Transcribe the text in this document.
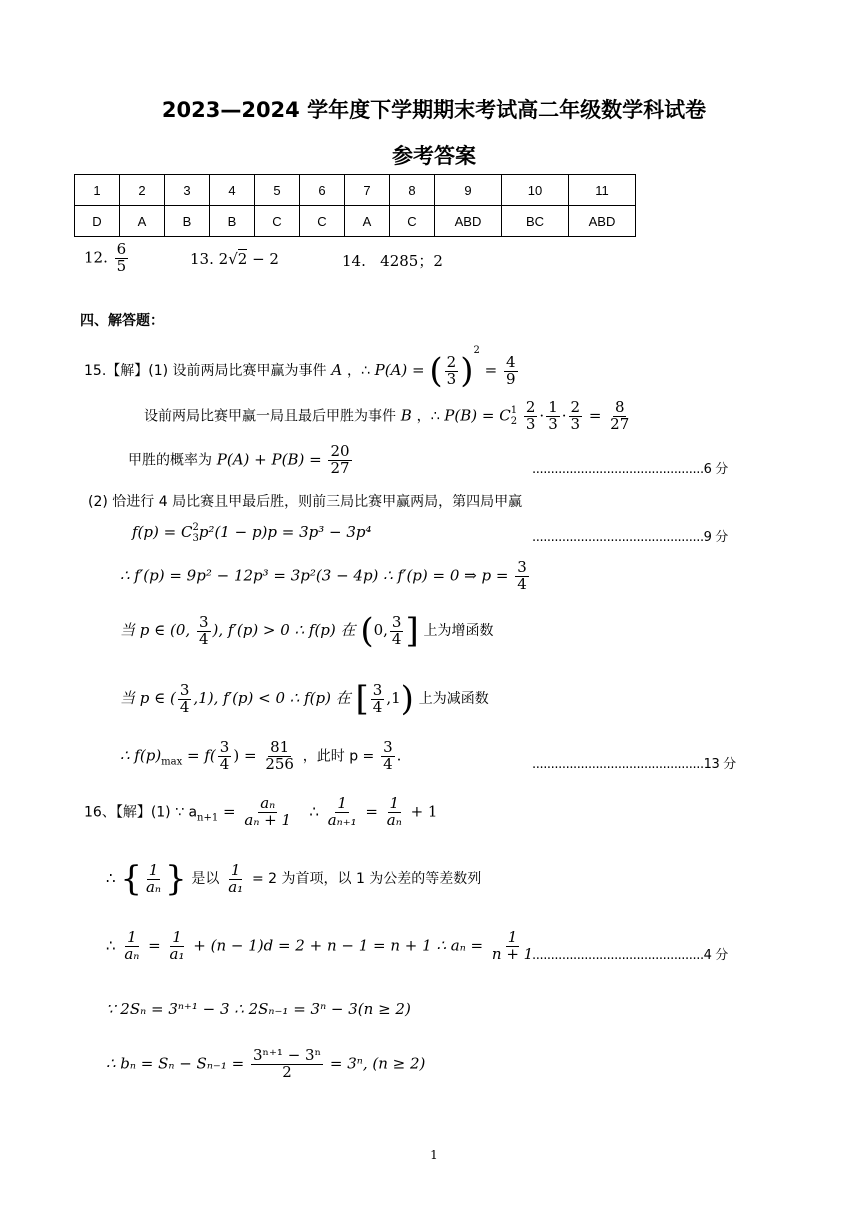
2023—2024 学年度下学期期末考试高二年级数学科试卷
参考答案
1	2	3	4	5	6	7	8	9	10	11
D	A	B	B	C	C	A	C	ABD	BC	ABD
12. $\frac{6}{5}$	13. 2√2 − 2	14. 4285；2
四、解答题：
15.【解】(1) 设前两局比赛甲赢为事件 A ，∴ P(A) = ( $\frac{2}{3} )^2 = \frac{4}{9}$
设前两局比赛甲赢一局且最后甲胜为事件 B ，∴ P(B) = C 1
2
$\frac{2}{3} \cdot \frac{1}{3} \cdot \frac{2}{3} = \frac{8}{27}$
甲胜的概率为 $P(A) + P(B) = \frac{20}{27}$	..............................................6 分
(2) 恰进行 4 局比赛且甲最后胜，则前三局比赛甲赢两局，第四局甲赢
f(p) = C 2
3 p²(1 − p)p = 3p³ − 3p⁴	..............................................9 分
∴ f′(p) = 9p² − 12p³ = 3p²(3 − 4p) ∴ f′(p) = 0 ⇒ $p = \frac{3}{4}$
当 p ∈ (0, $\frac{3}{4}$ ), f′(p) > 0 ∴ f(p) 在 (0, $\frac{3}{4}$ ] 上为增函数
当 p ∈ ( $\frac{3}{4} ,1$), f′(p) < 0 ∴ f(p) 在 [ $\frac{3}{4} ,1$) 上为减函数
∴ $f(p)_{max} = f( \frac{3}{4}$ ) = $\frac{81}{256}$ ，此时 $p = \frac{3}{4}$ .
..............................................13 分
16、【解】(1) ∵ $a_{n+1} = \frac{\text{aₙ}}{\text{aₙ + 1}}$ ∴ $\frac{1}{\text{aₙ₊₁}} = \frac{1}{\text{aₙ}} + 1$
∴ { $\frac{1}{\text{aₙ}}$ } 是以 $\frac{1}{\text{a₁}} = 2$ 为首项，以 1 为公差的等差数列
∴ $\frac{1}{\text{aₙ}} = \frac{1}{\text{a₁}} + (n - 1)d = 2 + n - 1 = n + 1$ ∴ $a_n = \frac{1}{n + 1}$
..............................................4 分
∵ 2Sₙ = 3ⁿ⁺¹ − 3 ∴ 2Sₙ₋₁ = 3ⁿ − 3(n ≥ 2)
∴ $b_n = S_n - S_{n-1} = \frac{\text{3ⁿ⁺¹ − 3ⁿ}}{2} = 3^n$, (n ≥ 2)
1
